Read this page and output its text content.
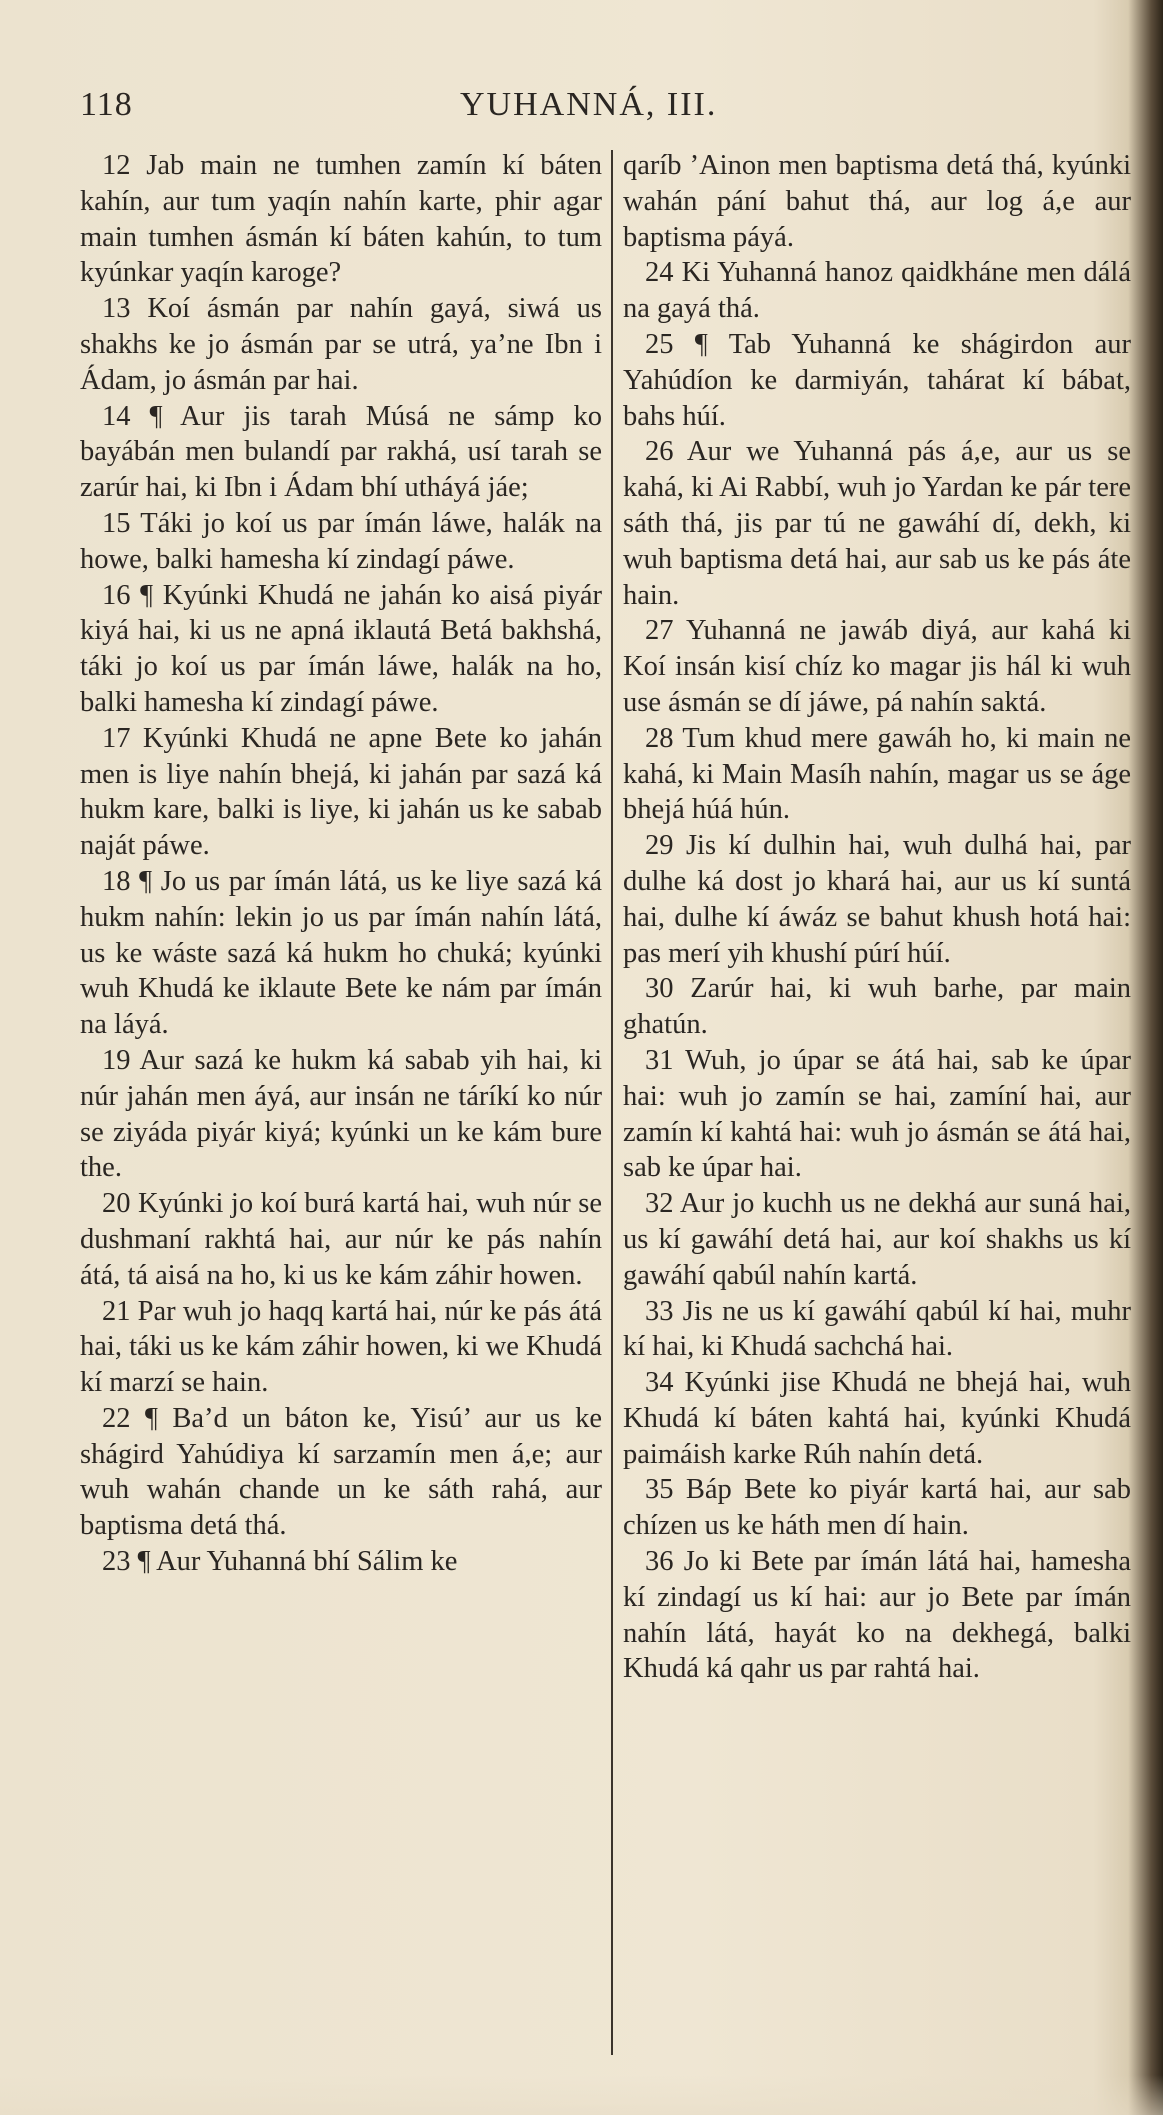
118	YUHANNÁ, III.

12 Jab main ne tumhen zamín kí báten kahín, aur tum yaqín nahín karte, phir agar main tumhen ásmán kí báten kahún, to tum kyúnkar yaqín karoge?

13 Koí ásmán par nahín gayá, siwá us shakhs ke jo ásmán par se utrá, ya’ne Ibn i Ádam, jo ásmán par hai.

14 ¶ Aur jis tarah Músá ne sámp ko bayábán men bulandí par rakhá, usí tarah se zarúr hai, ki Ibn i Ádam bhí utháyá jáe;

15 Táki jo koí us par ímán láwe, halák na howe, balki hamesha kí zindagí páwe.

16 ¶ Kyúnki Khudá ne jahán ko aisá piyár kiyá hai, ki us ne apná iklautá Betá bakhshá, táki jo koí us par ímán láwe, halák na ho, balki hamesha kí zindagí páwe.

17 Kyúnki Khudá ne apne Bete ko jahán men is liye nahín bhejá, ki jahán par sazá ká hukm kare, balki is liye, ki jahán us ke sabab naját páwe.

18 ¶ Jo us par ímán látá, us ke liye sazá ká hukm nahín: lekin jo us par ímán nahín látá, us ke wáste sazá ká hukm ho chuká; kyúnki wuh Khudá ke iklaute Bete ke nám par ímán na láyá.

19 Aur sazá ke hukm ká sabab yih hai, ki núr jahán men áyá, aur insán ne táríkí ko núr se ziyáda piyár kiyá; kyúnki un ke kám bure the.

20 Kyúnki jo koí burá kartá hai, wuh núr se dushmaní rakhtá hai, aur núr ke pás nahín átá, tá aisá na ho, ki us ke kám záhir howen.

21 Par wuh jo haqq kartá hai, núr ke pás átá hai, táki us ke kám záhir howen, ki we Khudá kí marzí se hain.

22 ¶ Ba’d un báton ke, Yisú’ aur us ke shágird Yahúdiya kí sarzamín men á,e; aur wuh wahán chande un ke sáth rahá, aur baptisma detá thá.

23 ¶ Aur Yuhanná bhí Sálim ke

qaríb ’Ainon men baptisma detá thá, kyúnki wahán pání bahut thá, aur log á,e aur baptisma páyá.

24 Ki Yuhanná hanoz qaidkháne men dálá na gayá thá.

25 ¶ Tab Yuhanná ke shágirdon aur Yahúdíon ke darmiyán, tahárat kí bábat, bahs húí.

26 Aur we Yuhanná pás á,e, aur us se kahá, ki Ai Rabbí, wuh jo Yardan ke pár tere sáth thá, jis par tú ne gawáhí dí, dekh, ki wuh baptisma detá hai, aur sab us ke pás áte hain.

27 Yuhanná ne jawáb diyá, aur kahá ki Koí insán kisí chíz ko magar jis hál ki wuh use ásmán se dí jáwe, pá nahín saktá.

28 Tum khud mere gawáh ho, ki main ne kahá, ki Main Masíh nahín, magar us se áge bhejá húá hún.

29 Jis kí dulhin hai, wuh dulhá hai, par dulhe ká dost jo khará hai, aur us kí suntá hai, dulhe kí áwáz se bahut khush hotá hai: pas merí yih khushí púrí húí.

30 Zarúr hai, ki wuh barhe, par main ghatún.

31 Wuh, jo úpar se átá hai, sab ke úpar hai: wuh jo zamín se hai, zamíní hai, aur zamín kí kahtá hai: wuh jo ásmán se átá hai, sab ke úpar hai.

32 Aur jo kuchh us ne dekhá aur suná hai, us kí gawáhí detá hai, aur koí shakhs us kí gawáhí qabúl nahín kartá.

33 Jis ne us kí gawáhí qabúl kí hai, muhr kí hai, ki Khudá sachchá hai.

34 Kyúnki jise Khudá ne bhejá hai, wuh Khudá kí báten kahtá hai, kyúnki Khudá paimáish karke Rúh nahín detá.

35 Báp Bete ko piyár kartá hai, aur sab chízen us ke háth men dí hain.

36 Jo ki Bete par ímán látá hai, hamesha kí zindagí us kí hai: aur jo Bete par ímán nahín látá, hayát ko na dekhegá, balki Khudá ká qahr us par rahtá hai.
